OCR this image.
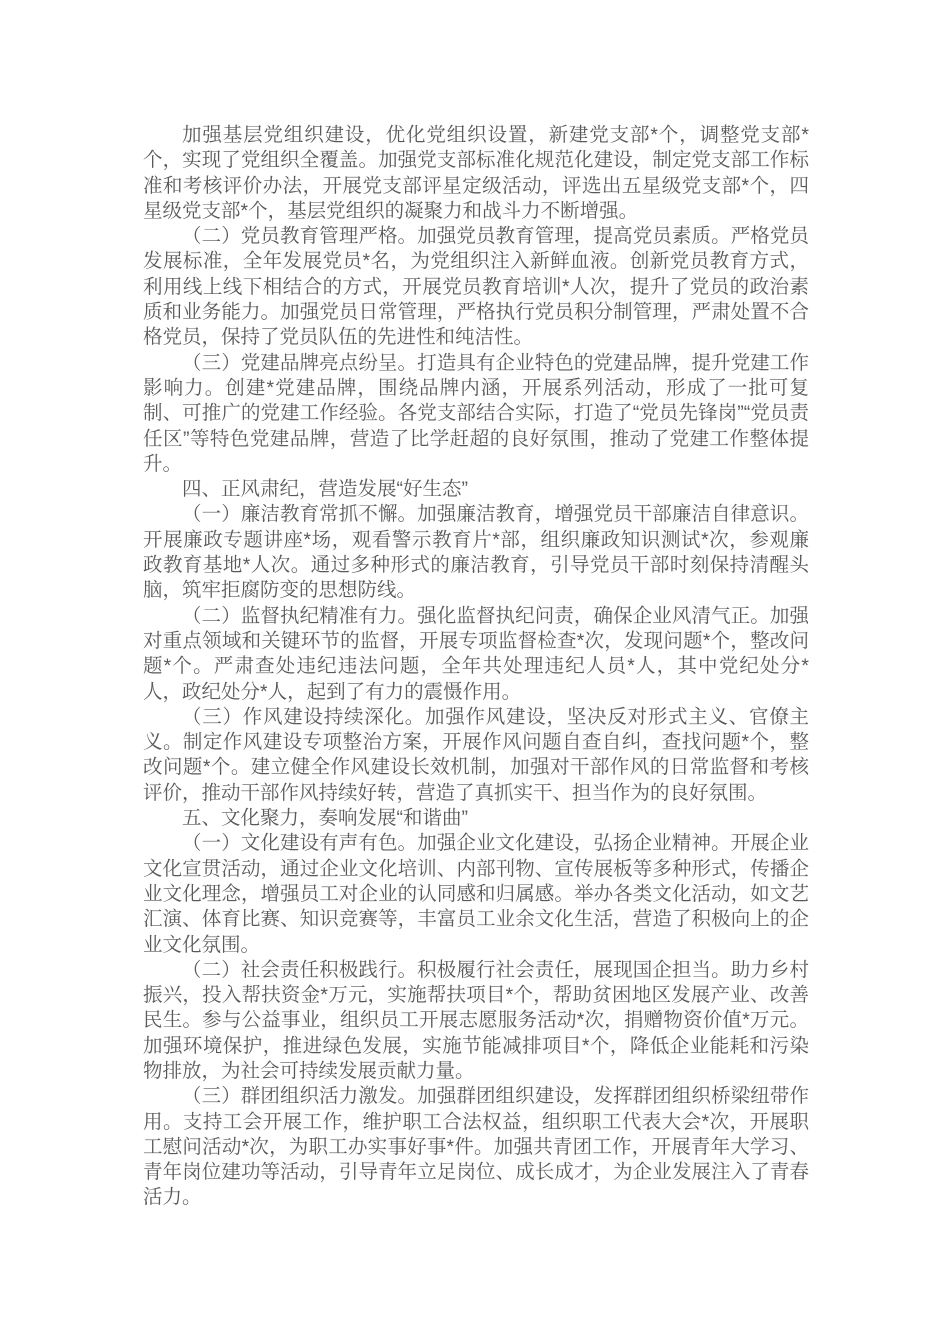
加强基层党组织建设，优化党组织设置，新建党支部*个，调整党支部*个，实现了党组织全覆盖。加强党支部标准化规范化建设，制定党支部工作标准和考核评价办法，开展党支部评星定级活动，评选出五星级党支部*个，四星级党支部*个，基层党组织的凝聚力和战斗力不断增强。

（二）党员教育管理严格。加强党员教育管理，提高党员素质。严格党员发展标准，全年发展党员*名，为党组织注入新鲜血液。创新党员教育方式，利用线上线下相结合的方式，开展党员教育培训*人次，提升了党员的政治素质和业务能力。加强党员日常管理，严格执行党员积分制管理，严肃处置不合格党员，保持了党员队伍的先进性和纯洁性。

（三）党建品牌亮点纷呈。打造具有企业特色的党建品牌，提升党建工作影响力。创建*党建品牌，围绕品牌内涵，开展系列活动，形成了一批可复制、可推广的党建工作经验。各党支部结合实际，打造了“党员先锋岗”“党员责任区”等特色党建品牌，营造了比学赶超的良好氛围，推动了党建工作整体提升。

四、正风肃纪，营造发展“好生态”

（一）廉洁教育常抓不懈。加强廉洁教育，增强党员干部廉洁自律意识。开展廉政专题讲座*场，观看警示教育片*部，组织廉政知识测试*次，参观廉政教育基地*人次。通过多种形式的廉洁教育，引导党员干部时刻保持清醒头脑，筑牢拒腐防变的思想防线。

（二）监督执纪精准有力。强化监督执纪问责，确保企业风清气正。加强对重点领域和关键环节的监督，开展专项监督检查*次，发现问题*个，整改问题*个。严肃查处违纪违法问题，全年共处理违纪人员*人，其中党纪处分*人，政纪处分*人，起到了有力的震慑作用。

（三）作风建设持续深化。加强作风建设，坚决反对形式主义、官僚主义。制定作风建设专项整治方案，开展作风问题自查自纠，查找问题*个，整改问题*个。建立健全作风建设长效机制，加强对干部作风的日常监督和考核评价，推动干部作风持续好转，营造了真抓实干、担当作为的良好氛围。

五、文化聚力，奏响发展“和谐曲”

（一）文化建设有声有色。加强企业文化建设，弘扬企业精神。开展企业文化宣贯活动，通过企业文化培训、内部刊物、宣传展板等多种形式，传播企业文化理念，增强员工对企业的认同感和归属感。举办各类文化活动，如文艺汇演、体育比赛、知识竞赛等，丰富员工业余文化生活，营造了积极向上的企业文化氛围。

（二）社会责任积极践行。积极履行社会责任，展现国企担当。助力乡村振兴，投入帮扶资金*万元，实施帮扶项目*个，帮助贫困地区发展产业、改善民生。参与公益事业，组织员工开展志愿服务活动*次，捐赠物资价值*万元。加强环境保护，推进绿色发展，实施节能减排项目*个，降低企业能耗和污染物排放，为社会可持续发展贡献力量。

（三）群团组织活力激发。加强群团组织建设，发挥群团组织桥梁纽带作用。支持工会开展工作，维护职工合法权益，组织职工代表大会*次，开展职工慰问活动*次，为职工办实事好事*件。加强共青团工作，开展青年大学习、青年岗位建功等活动，引导青年立足岗位、成长成才，为企业发展注入了青春活力。
